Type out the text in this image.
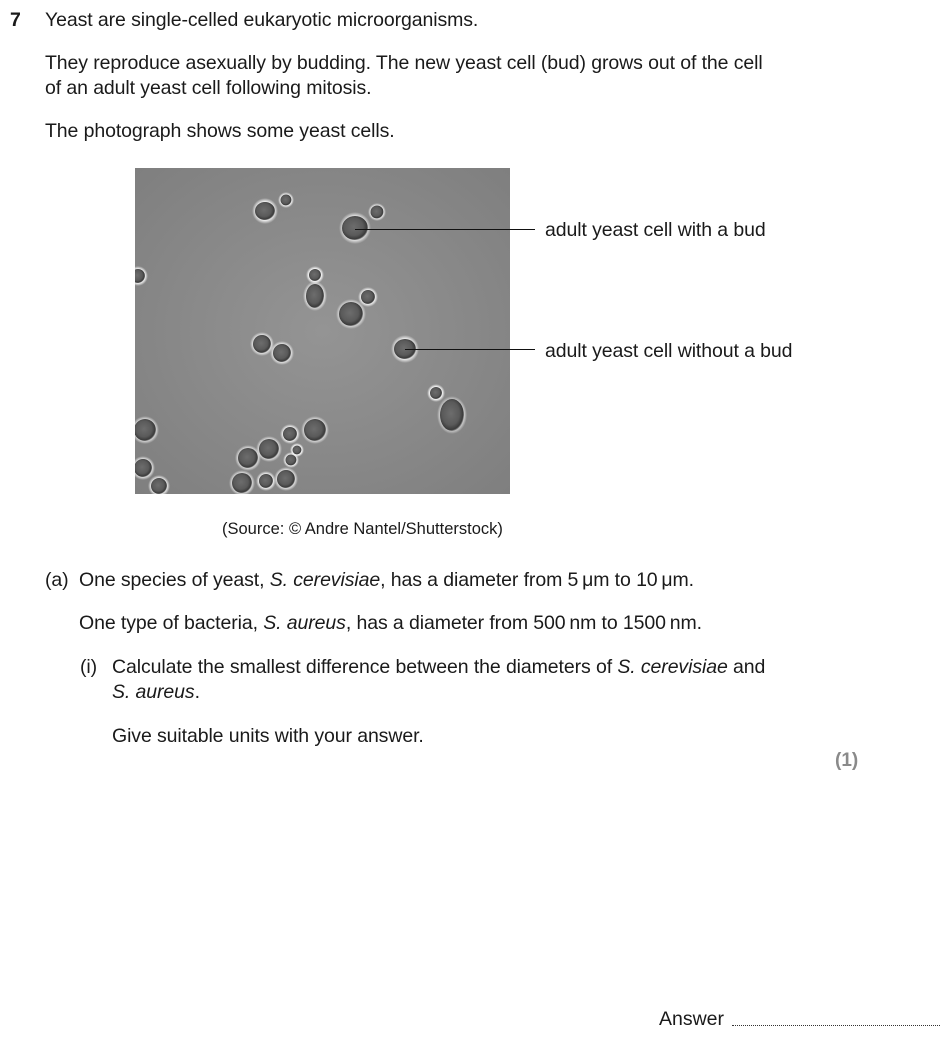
7 Yeast are single-celled eukaryotic microorganisms.
They reproduce asexually by budding. The new yeast cell (bud) grows out of the cell
of an adult yeast cell following mitosis.
The photograph shows some yeast cells.
adult yeast cell with a bud
adult yeast cell without a bud
(Source: © Andre Nantel/Shutterstock)
(a) One species of yeast, S. cerevisiae, has a diameter from 5 μm to 10 μm.
One type of bacteria, S. aureus, has a diameter from 500 nm to 1500 nm.
(i) Calculate the smallest difference between the diameters of S. cerevisiae and
S. aureus.
Give suitable units with your answer.
(1)
Answer
